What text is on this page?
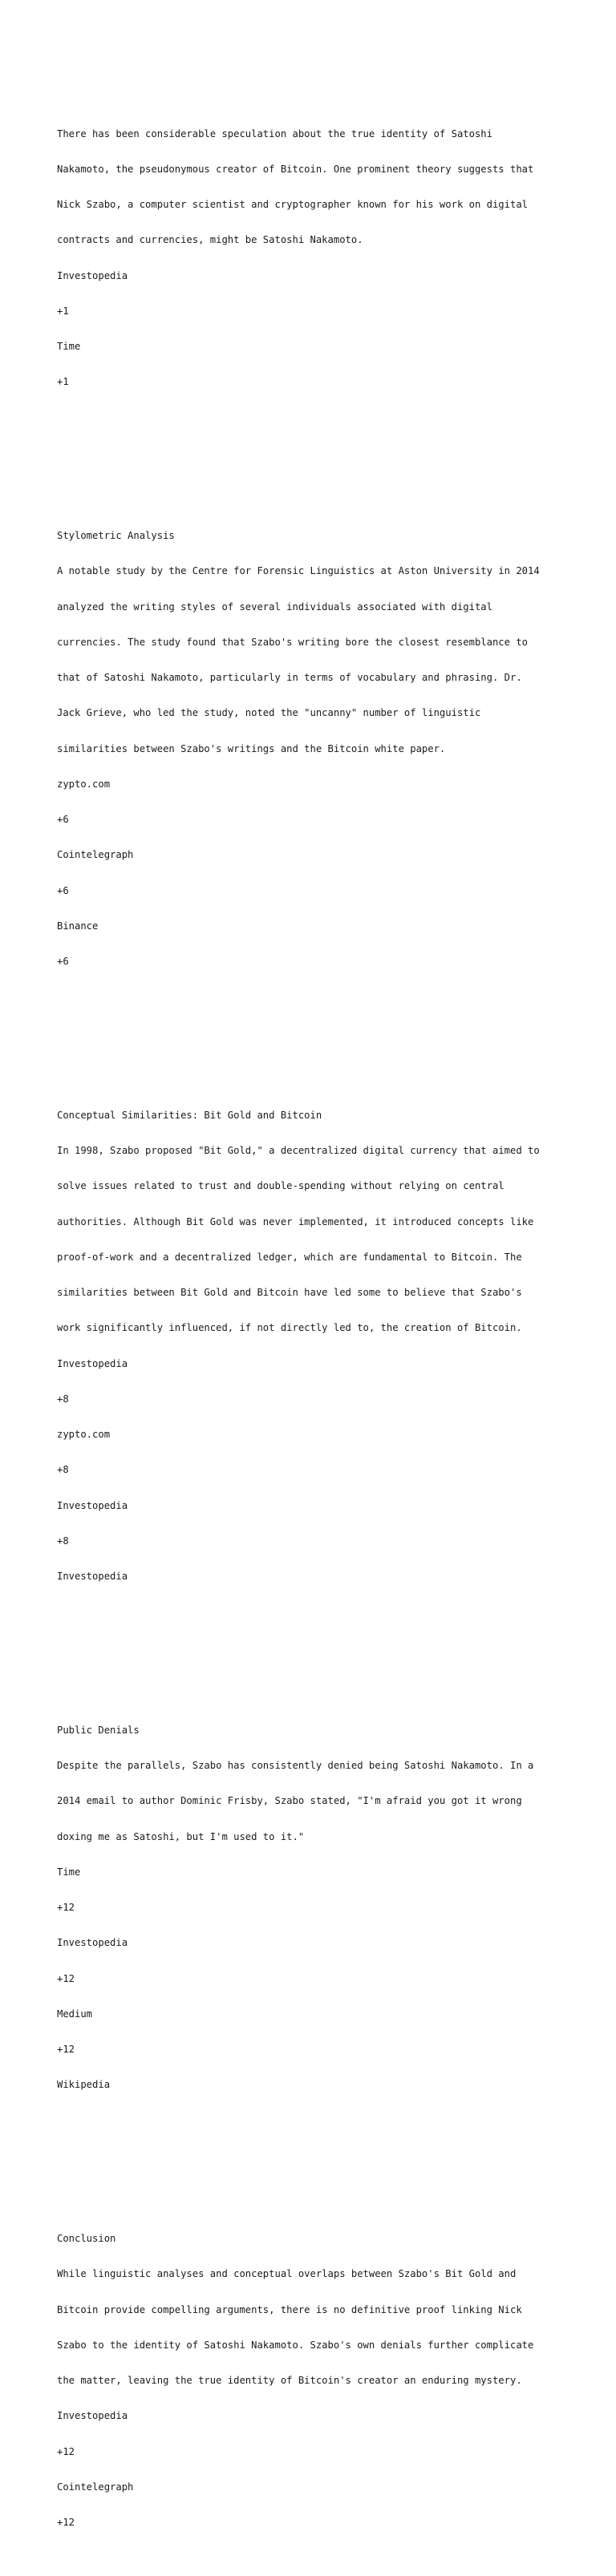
There has been considerable speculation about the true identity of Satoshi

Nakamoto, the pseudonymous creator of Bitcoin. One prominent theory suggests that

Nick Szabo, a computer scientist and cryptographer known for his work on digital

contracts and currencies, might be Satoshi Nakamoto.

Investopedia

+1

Time

+1

Stylometric Analysis

A notable study by the Centre for Forensic Linguistics at Aston University in 2014

analyzed the writing styles of several individuals associated with digital

currencies. The study found that Szabo's writing bore the closest resemblance to

that of Satoshi Nakamoto, particularly in terms of vocabulary and phrasing. Dr.

Jack Grieve, who led the study, noted the "uncanny" number of linguistic

similarities between Szabo's writings and the Bitcoin white paper.

zypto.com

+6

Cointelegraph

+6

Binance

+6

Conceptual Similarities: Bit Gold and Bitcoin

In 1998, Szabo proposed "Bit Gold," a decentralized digital currency that aimed to

solve issues related to trust and double-spending without relying on central

authorities. Although Bit Gold was never implemented, it introduced concepts like

proof-of-work and a decentralized ledger, which are fundamental to Bitcoin. The

similarities between Bit Gold and Bitcoin have led some to believe that Szabo's

work significantly influenced, if not directly led to, the creation of Bitcoin.

Investopedia

+8

zypto.com

+8

Investopedia

+8

Investopedia

Public Denials

Despite the parallels, Szabo has consistently denied being Satoshi Nakamoto. In a

2014 email to author Dominic Frisby, Szabo stated, "I'm afraid you got it wrong

doxing me as Satoshi, but I'm used to it."

Time

+12

Investopedia

+12

Medium

+12

Wikipedia

Conclusion

While linguistic analyses and conceptual overlaps between Szabo's Bit Gold and

Bitcoin provide compelling arguments, there is no definitive proof linking Nick

Szabo to the identity of Satoshi Nakamoto. Szabo's own denials further complicate

the matter, leaving the true identity of Bitcoin's creator an enduring mystery.

Investopedia

+12

Cointelegraph

+12
